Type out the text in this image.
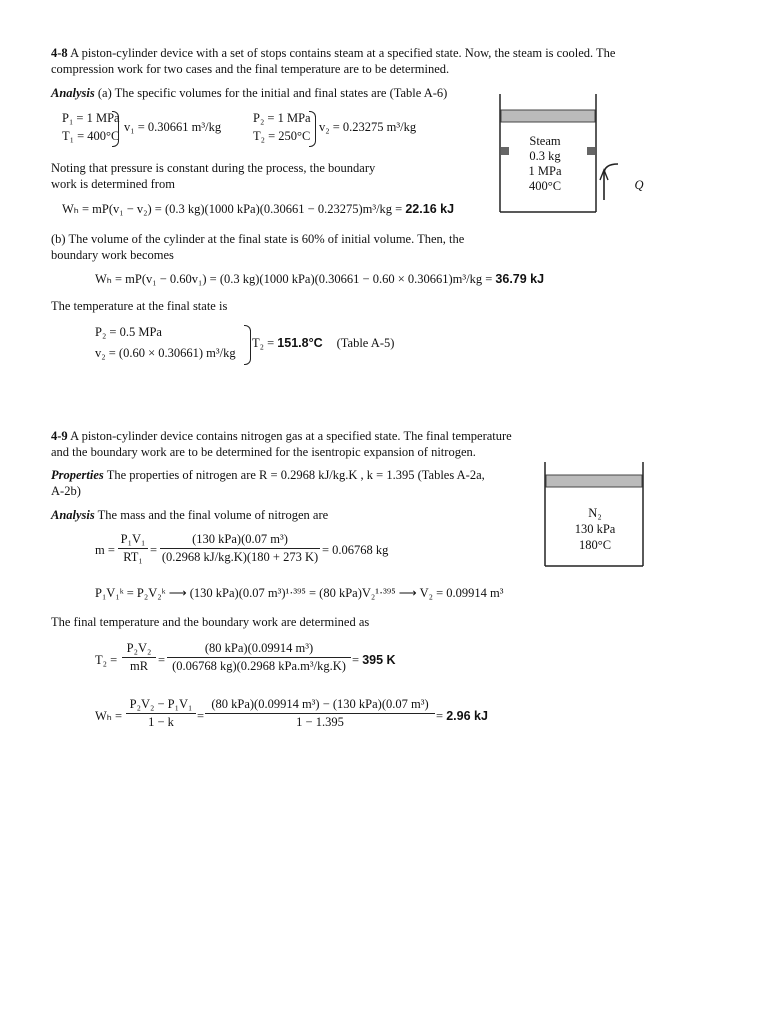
4-8 A piston-cylinder device with a set of stops contains steam at a specified state. Now, the steam is cooled. The
compression work for two cases and the final temperature are to be determined.
Analysis (a) The specific volumes for the initial and final states are (Table A-6)
P₁ = 1 MPa
T₁ = 400°C
v₁ = 0.30661 m³/kg
P₂ = 1 MPa
T₂ = 250°C
v₂ = 0.23275 m³/kg
Noting that pressure is constant during the process, the boundary
work is determined from
Wₕ = mP(v₁ − v₂) = (0.3 kg)(1000 kPa)(0.30661 − 0.23275)m³/kg = 22.16 kJ
(b) The volume of the cylinder at the final state is 60% of initial volume. Then, the
boundary work becomes
Wₕ = mP(v₁ − 0.60v₁) = (0.3 kg)(1000 kPa)(0.30661 − 0.60 × 0.30661)m³/kg = 36.79 kJ
The temperature at the final state is
P₂ = 0.5 MPa
v₂ = (0.60 × 0.30661) m³/kg
T₂ = 151.8°C (Table A-5)
Steam
0.3 kg
1 MPa
400°C	Q
4-9 A piston-cylinder device contains nitrogen gas at a specified state. The final temperature
and the boundary work are to be determined for the isentropic expansion of nitrogen.
Properties The properties of nitrogen are R = 0.2968 kJ/kg.K , k = 1.395 (Tables A-2a,
A-2b)
Analysis The mass and the final volume of nitrogen are
m =
P₁V₁
RT₁ =
(130 kPa)(0.07 m³)
(0.2968 kJ/kg.K)(180 + 273 K) = 0.06768 kg
P₁V₁ᵏ = P₂V₂ᵏ ⟶ (130 kPa)(0.07 m³)¹·³⁹⁵ = (80 kPa)V₂¹·³⁹⁵ ⟶ V₂ = 0.09914 m³
The final temperature and the boundary work are determined as
T₂ =
P₂V₂
mR =
(80 kPa)(0.09914 m³)
(0.06768 kg)(0.2968 kPa.m³/kg.K) = 395 K
Wₕ =
P₂V₂ − P₁V₁
1 − k	=
(80 kPa)(0.09914 m³) − (130 kPa)(0.07 m³)
1 − 1.395	= 2.96 kJ
N₂
130 kPa
180°C
